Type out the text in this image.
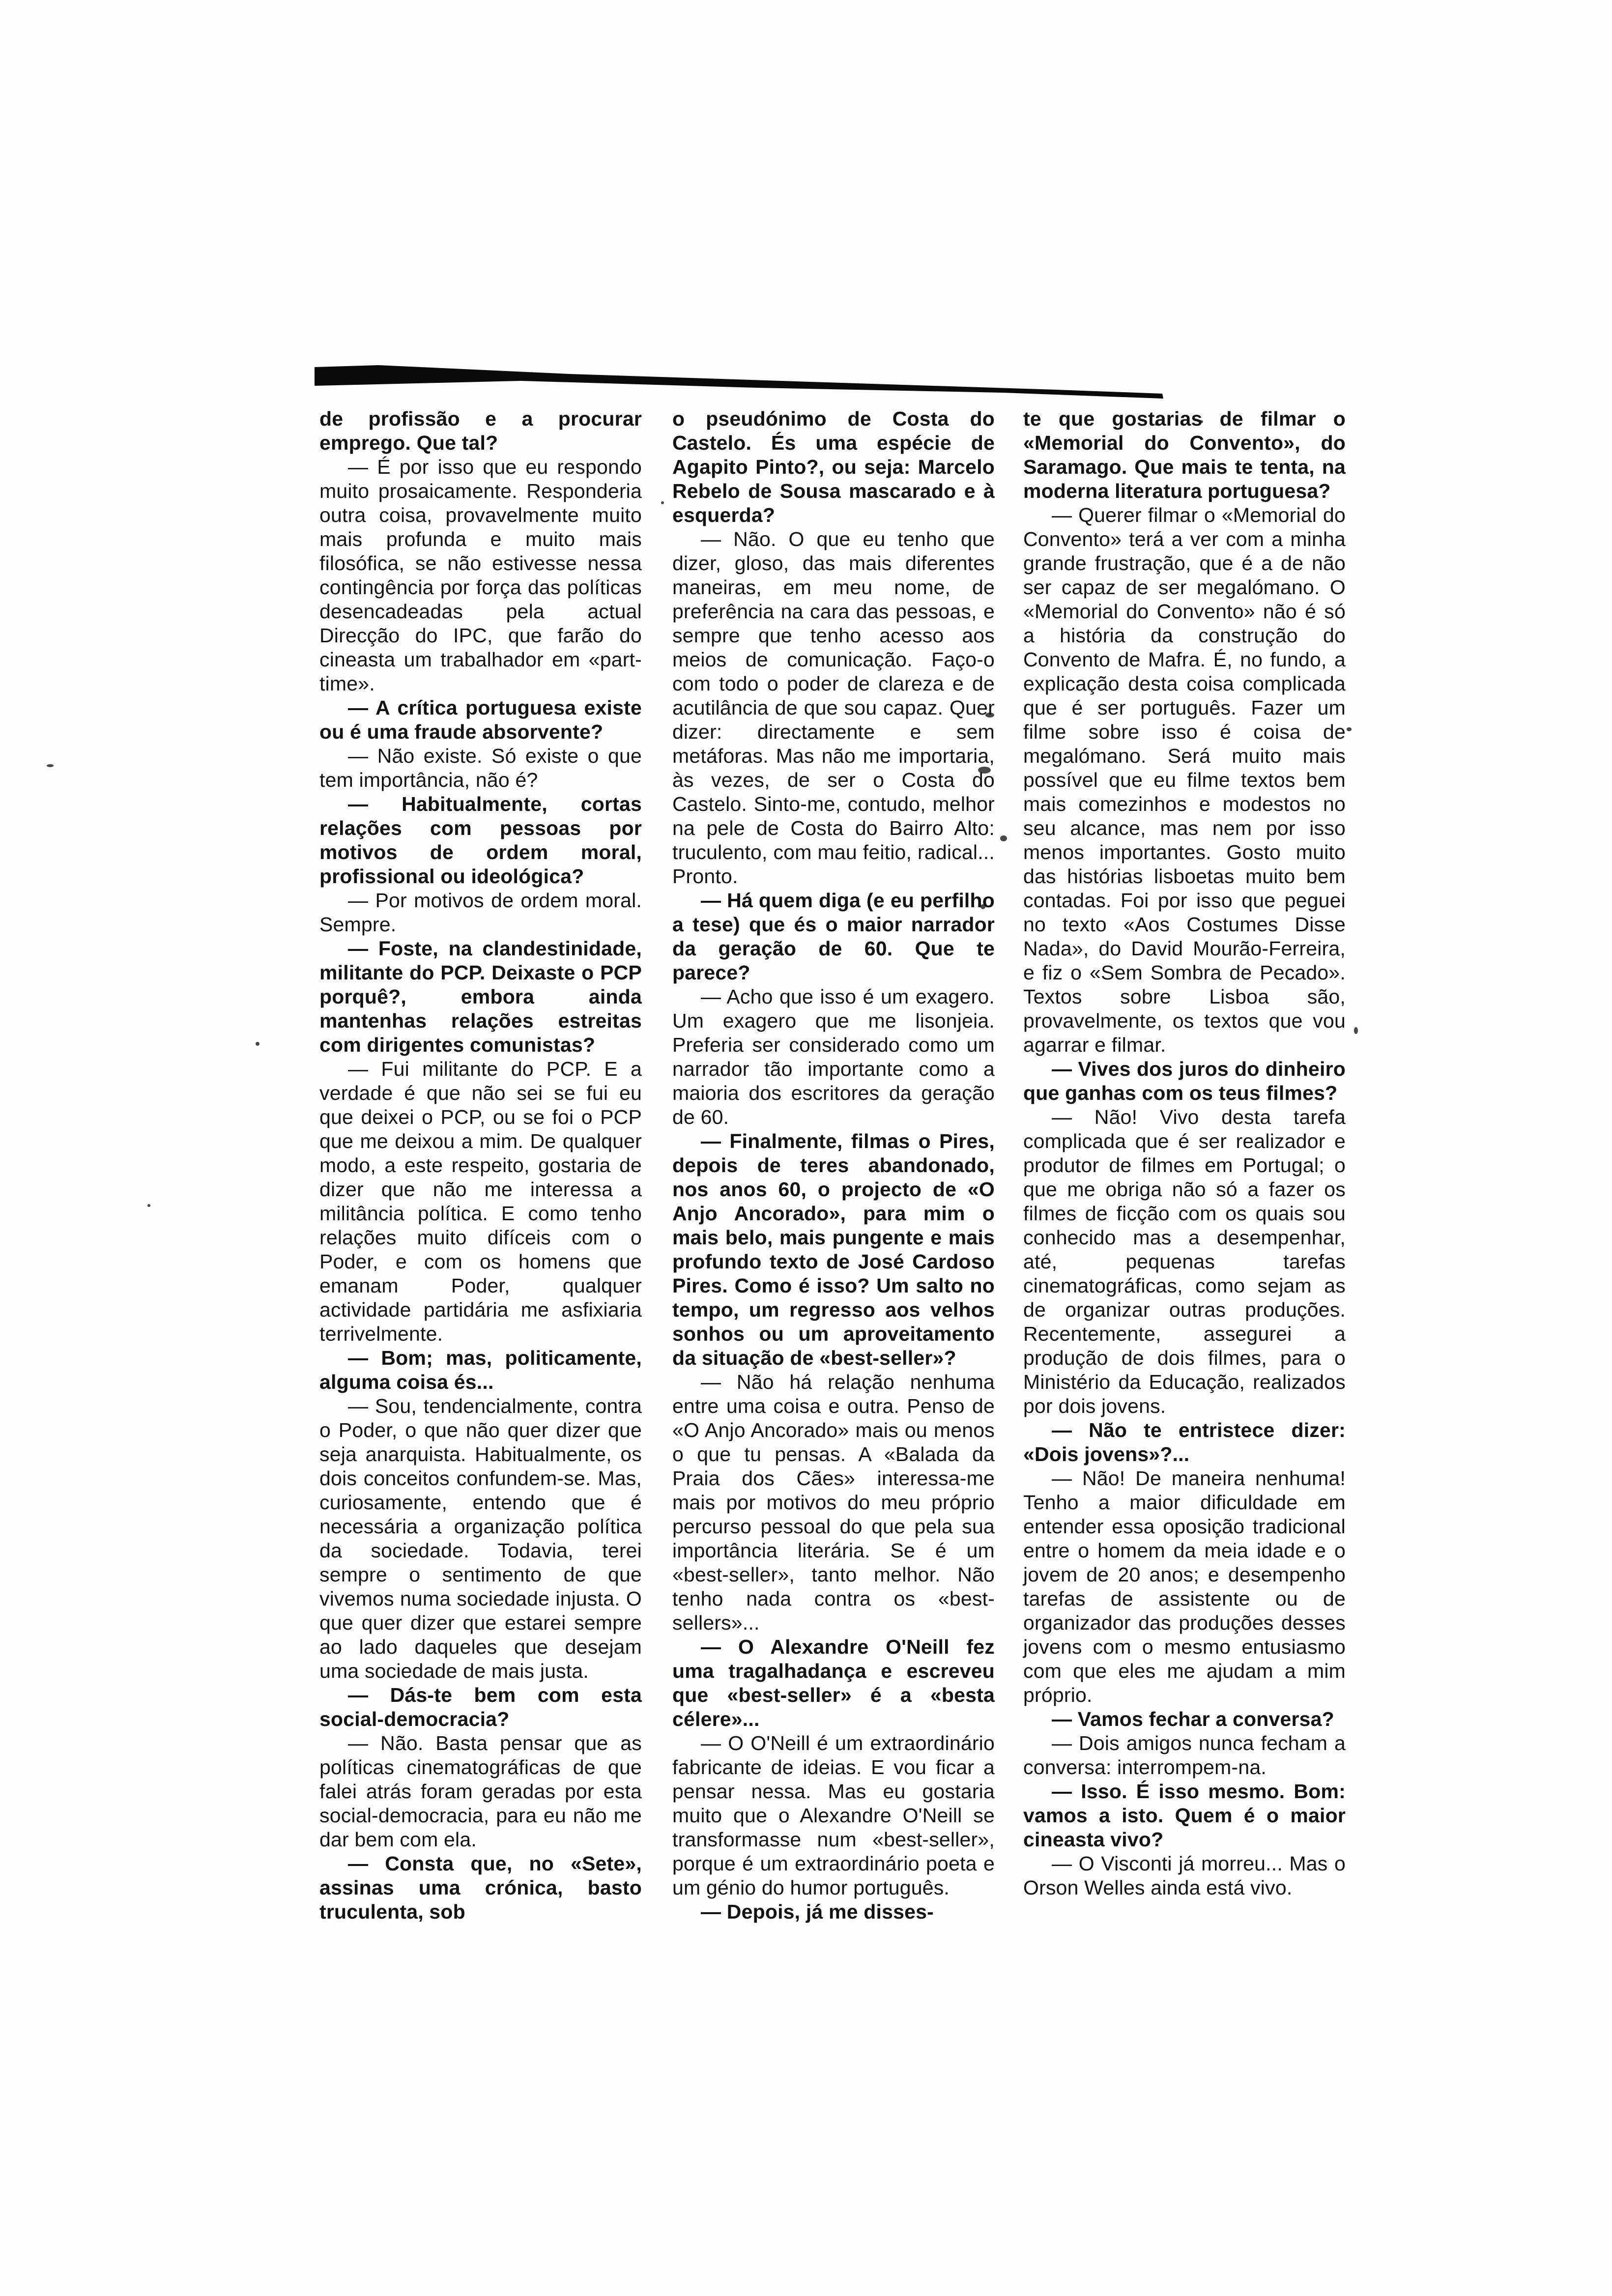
de profissão e a procurar emprego. Que tal?

— É por isso que eu respondo muito prosaicamente. Responderia outra coisa, provavelmente muito mais profunda e muito mais filosófica, se não estivesse nessa contingência por força das políticas desencadeadas pela actual Direcção do IPC, que farão do cineasta um trabalhador em «part-time».

— A crítica portuguesa existe ou é uma fraude absorvente?

— Não existe. Só existe o que tem importância, não é?

— Habitualmente, cortas relações com pessoas por motivos de ordem moral, profissional ou ideológica?

— Por motivos de ordem moral. Sempre.

— Foste, na clandestinidade, militante do PCP. Deixaste o PCP porquê?, embora ainda mantenhas relações estreitas com dirigentes comunistas?

— Fui militante do PCP. E a verdade é que não sei se fui eu que deixei o PCP, ou se foi o PCP que me deixou a mim. De qualquer modo, a este respeito, gostaria de dizer que não me interessa a militância política. E como tenho relações muito difíceis com o Poder, e com os homens que emanam Poder, qualquer actividade partidária me asfixiaria terrivelmente.

— Bom; mas, politicamente, alguma coisa és...

— Sou, tendencialmente, contra o Poder, o que não quer dizer que seja anarquista. Habitualmente, os dois conceitos confundem-se. Mas, curiosamente, entendo que é necessária a organização política da sociedade. Todavia, terei sempre o sentimento de que vivemos numa sociedade injusta. O que quer dizer que estarei sempre ao lado daqueles que desejam uma sociedade de mais justa.

— Dás-te bem com esta social-democracia?

— Não. Basta pensar que as políticas cinematográficas de que falei atrás foram geradas por esta social-democracia, para eu não me dar bem com ela.

— Consta que, no «Sete», assinas uma crónica, basto truculenta, sob

o pseudónimo de Costa do Castelo. És uma espécie de Agapito Pinto?, ou seja: Marcelo Rebelo de Sousa mascarado e à esquerda?

— Não. O que eu tenho que dizer, gloso, das mais diferentes maneiras, em meu nome, de preferência na cara das pessoas, e sempre que tenho acesso aos meios de comunicação. Faço-o com todo o poder de clareza e de acutilância de que sou capaz. Quer dizer: directamente e sem metáforas. Mas não me importaria, às vezes, de ser o Costa do Castelo. Sinto-me, contudo, melhor na pele de Costa do Bairro Alto: truculento, com mau feitio, radical... Pronto.

— Há quem diga (e eu perfilho a tese) que és o maior narrador da geração de 60. Que te parece?

— Acho que isso é um exagero. Um exagero que me lisonjeia. Preferia ser considerado como um narrador tão importante como a maioria dos escritores da geração de 60.

— Finalmente, filmas o Pires, depois de teres abandonado, nos anos 60, o projecto de «O Anjo Ancorado», para mim o mais belo, mais pungente e mais profundo texto de José Cardoso Pires. Como é isso? Um salto no tempo, um regresso aos velhos sonhos ou um aproveitamento da situação de «best-seller»?

— Não há relação nenhuma entre uma coisa e outra. Penso de «O Anjo Ancorado» mais ou menos o que tu pensas. A «Balada da Praia dos Cães» interessa-me mais por motivos do meu próprio percurso pessoal do que pela sua importância literária. Se é um «best-seller», tanto melhor. Não tenho nada contra os «best-sellers»...

— O Alexandre O'Neill fez uma tragalhadança e escreveu que «best-seller» é a «besta célere»...

— O O'Neill é um extraordinário fabricante de ideias. E vou ficar a pensar nessa. Mas eu gostaria muito que o Alexandre O'Neill se transformasse num «best-seller», porque é um extraordinário poeta e um génio do humor português.

— Depois, já me disses-

te que gostarias de filmar o «Memorial do Convento», do Saramago. Que mais te tenta, na moderna literatura portuguesa?

— Querer filmar o «Memorial do Convento» terá a ver com a minha grande frustração, que é a de não ser capaz de ser megalómano. O «Memorial do Convento» não é só a história da construção do Convento de Mafra. É, no fundo, a explicação desta coisa complicada que é ser português. Fazer um filme sobre isso é coisa de megalómano. Será muito mais possível que eu filme textos bem mais comezinhos e modestos no seu alcance, mas nem por isso menos importantes. Gosto muito das histórias lisboetas muito bem contadas. Foi por isso que peguei no texto «Aos Costumes Disse Nada», do David Mourão-Ferreira, e fiz o «Sem Sombra de Pecado». Textos sobre Lisboa são, provavelmente, os textos que vou agarrar e filmar.

— Vives dos juros do dinheiro que ganhas com os teus filmes?

— Não! Vivo desta tarefa complicada que é ser realizador e produtor de filmes em Portugal; o que me obriga não só a fazer os filmes de ficção com os quais sou conhecido mas a desempenhar, até, pequenas tarefas cinematográficas, como sejam as de organizar outras produções. Recentemente, assegurei a produção de dois filmes, para o Ministério da Educação, realizados por dois jovens.

— Não te entristece dizer: «Dois jovens»?...

— Não! De maneira nenhuma! Tenho a maior dificuldade em entender essa oposição tradicional entre o homem da meia idade e o jovem de 20 anos; e desempenho tarefas de assistente ou de organizador das produções desses jovens com o mesmo entusiasmo com que eles me ajudam a mim próprio.

— Vamos fechar a conversa?

— Dois amigos nunca fecham a conversa: interrompem-na.

— Isso. É isso mesmo. Bom: vamos a isto. Quem é o maior cineasta vivo?

— O Visconti já morreu... Mas o Orson Welles ainda está vivo.
